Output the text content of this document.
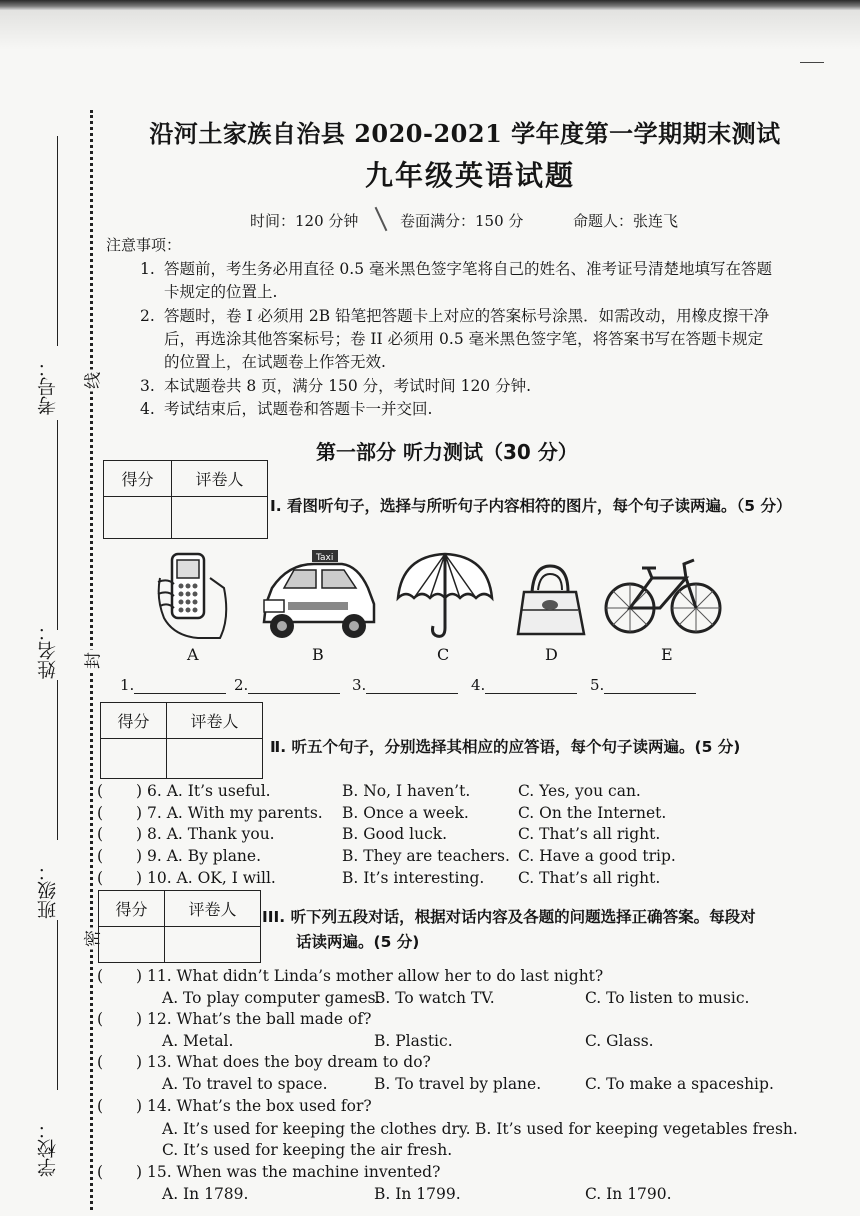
考号：
姓名：
班级：
学校：
线
封
密
沿河土家族自治县 2020-2021 学年度第一学期期末测试
九年级英语试题
时间：120 分钟	卷面满分：150 分	命题人：张连飞
注意事项：
1. 答题前，考生务必用直径 0.5 毫米黑色签字笔将自己的姓名、准考证号清楚地填写在答题
卡规定的位置上.
2. 答题时，卷 I 必须用 2B 铅笔把答题卡上对应的答案标号涂黑．如需改动，用橡皮擦干净
后，再选涂其他答案标号；卷 II 必须用 0.5 毫米黑色签字笔，将答案书写在答题卡规定
的位置上，在试题卷上作答无效.
3. 本试题卷共 8 页，满分 150 分，考试时间 120 分钟.
4. 考试结束后，试题卷和答题卡一并交回.
第一部分 听力测试（30 分）
得分	评卷人

I. 看图听句子，选择与所听句子内容相符的图片，每个句子读两遍。（5 分）
Taxi
A	B	C	D	E
1.	2.	3.	4.	5.
得分	评卷人

Ⅱ. 听五个句子，分别选择其相应的应答语，每个句子读两遍。(5 分)
( ) 6. A. It’s useful.	B. No, I haven’t.	C. Yes, you can.
( ) 7. A. With my parents. B. Once a week.	C. On the Internet.
( ) 8. A. Thank you.	B. Good luck.	C. That’s all right.
( ) 9. A. By plane.	B. They are teachers. C. Have a good trip.
( ) 10. A. OK, I will.	B. It’s interesting. C. That’s all right.
得分	评卷人
	III. 听下列五段对话，根据对话内容及各题的问题选择正确答案。每段对
话读两遍。(5 分)
( ) 11. What didn’t Linda’s mother allow her to do last night?
A. To play computer games.
B. To watch TV.	C. To listen to music.
( ) 12. What’s the ball made of?
A. Metal.	B. Plastic.	C. Glass.
( ) 13. What does the boy dream to do?
A. To travel to space.	B. To travel by plane.	C. To make a spaceship.
( ) 14. What’s the box used for?
A. It’s used for keeping the clothes dry. B. It’s used for keeping vegetables fresh.
C. It’s used for keeping the air fresh.
( ) 15. When was the machine invented?
A. In 1789.	B. In 1799.	C. In 1790.
